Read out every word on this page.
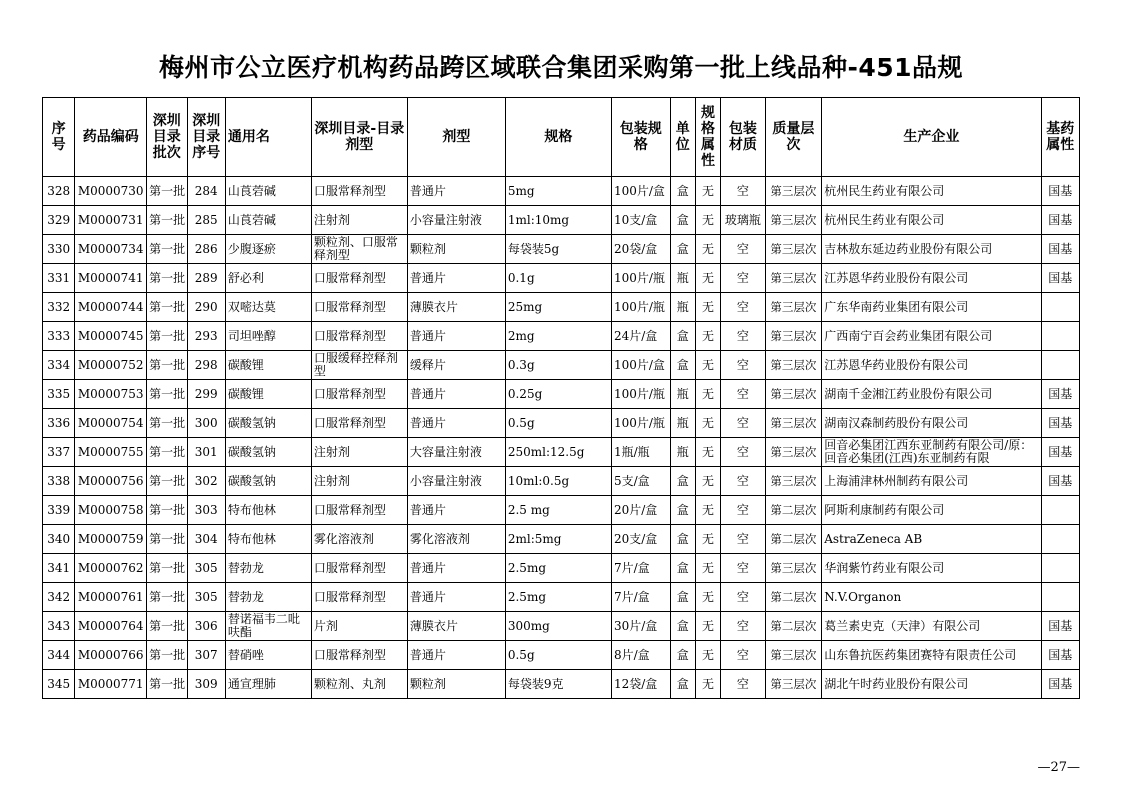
梅州市公立医疗机构药品跨区域联合集团采购第一批上线品种-451品规
序号	药品编码	深圳目录批次	深圳目录序号	通用名	深圳目录-目录剂型	剂型	规格	包装规格	单位	规格属性	包装材质	质量层次	生产企业	基药属性
328	M0000730	第一批	284	山莨菪碱	口服常释剂型	普通片	5mg	100片/盒	盒	无	空	第三层次	杭州民生药业有限公司	国基
329	M0000731	第一批	285	山莨菪碱	注射剂	小容量注射液	1ml:10mg	10支/盒	盒	无	玻璃瓶	第三层次	杭州民生药业有限公司	国基
330	M0000734	第一批	286	少腹逐瘀	颗粒剂、口服常释剂型	颗粒剂	每袋装5g	20袋/盒	盒	无	空	第三层次	吉林敖东延边药业股份有限公司	国基
331	M0000741	第一批	289	舒必利	口服常释剂型	普通片	0.1g	100片/瓶	瓶	无	空	第三层次	江苏恩华药业股份有限公司	国基
332	M0000744	第一批	290	双嘧达莫	口服常释剂型	薄膜衣片	25mg	100片/瓶	瓶	无	空	第三层次	广东华南药业集团有限公司	
333	M0000745	第一批	293	司坦唑醇	口服常释剂型	普通片	2mg	24片/盒	盒	无	空	第三层次	广西南宁百会药业集团有限公司	
334	M0000752	第一批	298	碳酸锂	口服缓释控释剂型	缓释片	0.3g	100片/盒	盒	无	空	第三层次	江苏恩华药业股份有限公司	
335	M0000753	第一批	299	碳酸锂	口服常释剂型	普通片	0.25g	100片/瓶	瓶	无	空	第三层次	湖南千金湘江药业股份有限公司	国基
336	M0000754	第一批	300	碳酸氢钠	口服常释剂型	普通片	0.5g	100片/瓶	瓶	无	空	第三层次	湖南汉森制药股份有限公司	国基
337	M0000755	第一批	301	碳酸氢钠	注射剂	大容量注射液	250ml:12.5g	1瓶/瓶	瓶	无	空	第三层次	回音必集团江西东亚制药有限公司/原：回音必集团(江西)东亚制药有限	国基
338	M0000756	第一批	302	碳酸氢钠	注射剂	小容量注射液	10ml:0.5g	5支/盒	盒	无	空	第三层次	上海浦津林州制药有限公司	国基
339	M0000758	第一批	303	特布他林	口服常释剂型	普通片	2.5 mg	20片/盒	盒	无	空	第二层次	阿斯利康制药有限公司	
340	M0000759	第一批	304	特布他林	雾化溶液剂	雾化溶液剂	2ml:5mg	20支/盒	盒	无	空	第二层次	AstraZeneca AB	
341	M0000762	第一批	305	替勃龙	口服常释剂型	普通片	2.5mg	7片/盒	盒	无	空	第三层次	华润紫竹药业有限公司	
342	M0000761	第一批	305	替勃龙	口服常释剂型	普通片	2.5mg	7片/盒	盒	无	空	第二层次	N.V.Organon	
343	M0000764	第一批	306	替诺福韦二吡呋酯	片剂	薄膜衣片	300mg	30片/盒	盒	无	空	第二层次	葛兰素史克（天津）有限公司	国基
344	M0000766	第一批	307	替硝唑	口服常释剂型	普通片	0.5g	8片/盒	盒	无	空	第三层次	山东鲁抗医药集团赛特有限责任公司	国基
345	M0000771	第一批	309	通宣理肺	颗粒剂、丸剂	颗粒剂	每袋装9克	12袋/盒	盒	无	空	第三层次	湖北午时药业股份有限公司	国基
—27—
